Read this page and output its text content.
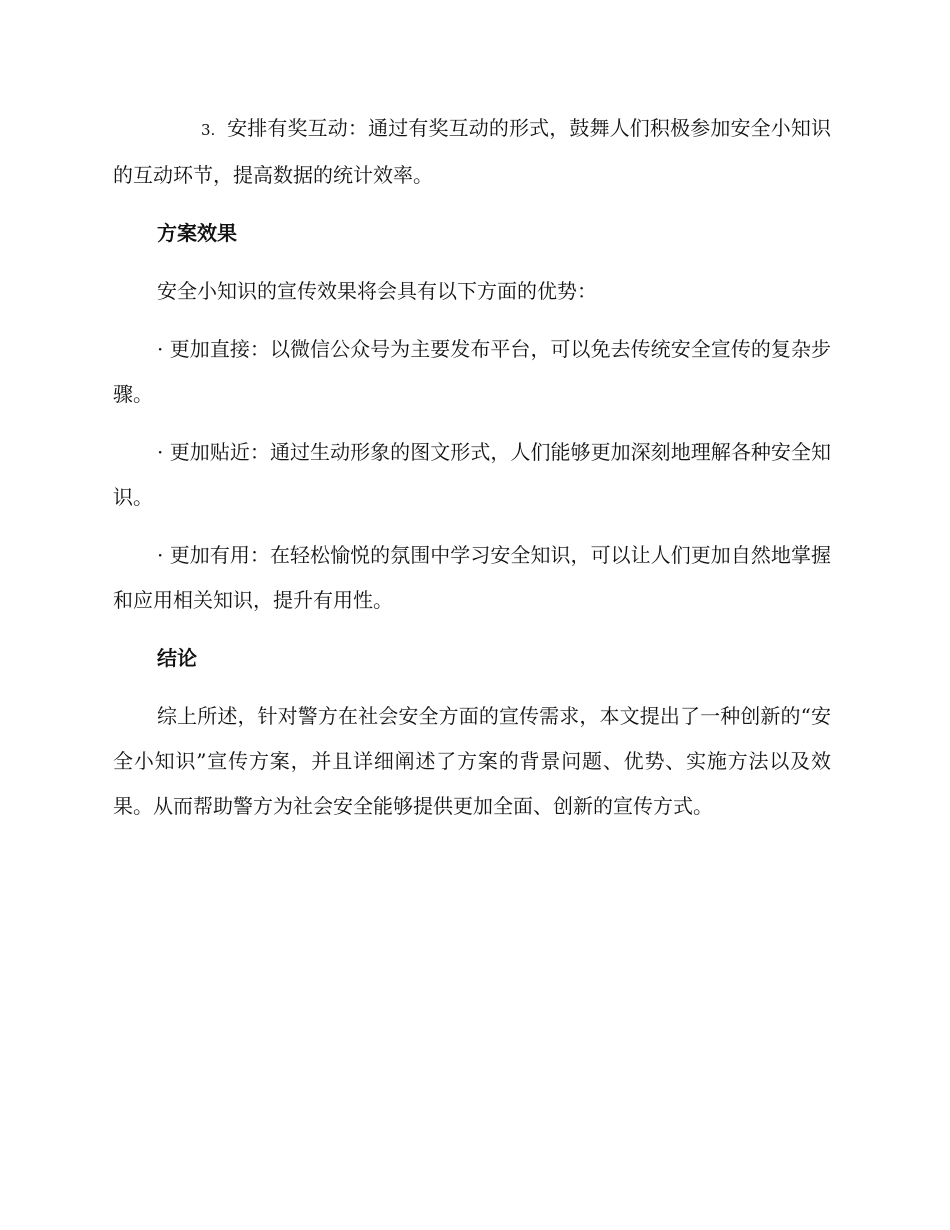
3. 安排有奖互动：通过有奖互动的形式，鼓舞人们积极参加安全小知识的互动环节，提高数据的统计效率。

方案效果

安全小知识的宣传效果将会具有以下方面的优势：

· 更加直接：以微信公众号为主要发布平台，可以免去传统安全宣传的复杂步骤。

· 更加贴近：通过生动形象的图文形式，人们能够更加深刻地理解各种安全知识。

· 更加有用：在轻松愉悦的氛围中学习安全知识，可以让人们更加自然地掌握和应用相关知识，提升有用性。

结论

综上所述，针对警方在社会安全方面的宣传需求，本文提出了一种创新的“安全小知识”宣传方案，并且详细阐述了方案的背景问题、优势、实施方法以及效果。从而帮助警方为社会安全能够提供更加全面、创新的宣传方式。
